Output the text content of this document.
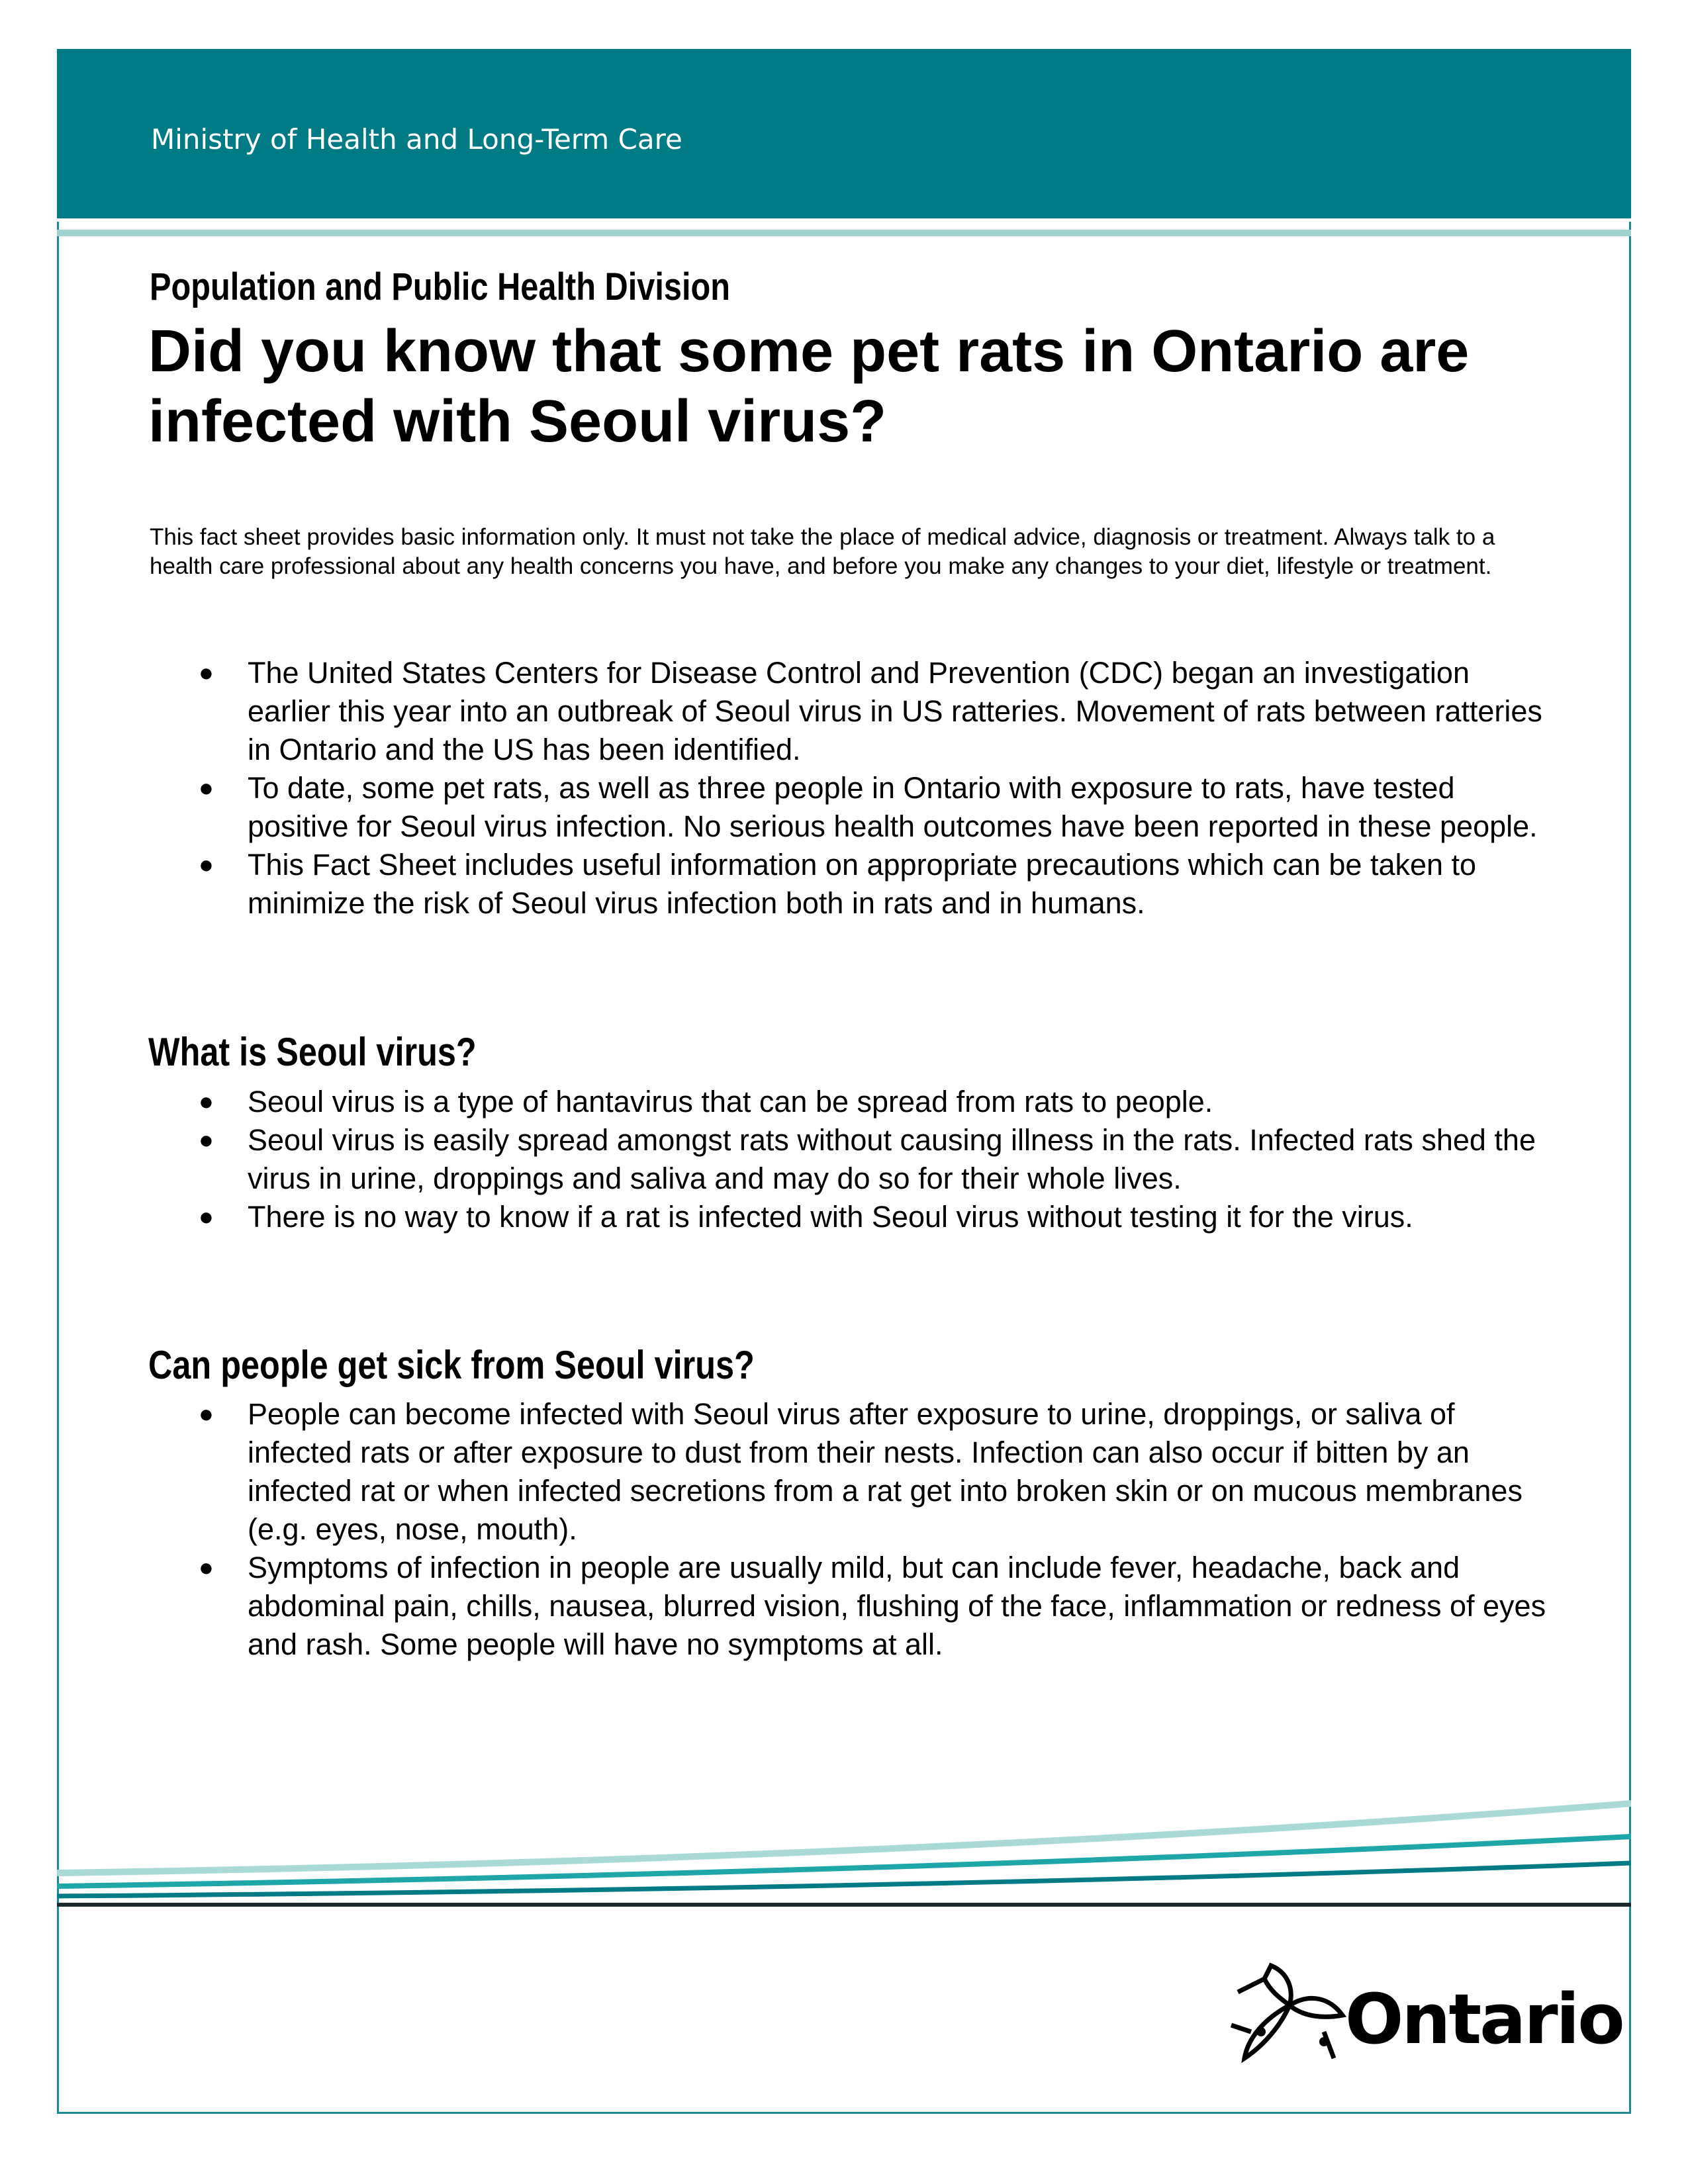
Ministry of Health and Long-Term Care
Population and Public Health Division
Did you know that some pet rats in Ontario are infected with Seoul virus?
This fact sheet provides basic information only. It must not take the place of medical advice, diagnosis or treatment. Always talk to a health care professional about any health concerns you have, and before you make any changes to your diet, lifestyle or treatment.
● The United States Centers for Disease Control and Prevention (CDC) began an investigation earlier this year into an outbreak of Seoul virus in US ratteries. Movement of rats between ratteries in Ontario and the US has been identified.
● To date, some pet rats, as well as three people in Ontario with exposure to rats, have tested positive for Seoul virus infection. No serious health outcomes have been reported in these people.
● This Fact Sheet includes useful information on appropriate precautions which can be taken to minimize the risk of Seoul virus infection both in rats and in humans.
What is Seoul virus?
● Seoul virus is a type of hantavirus that can be spread from rats to people.
● Seoul virus is easily spread amongst rats without causing illness in the rats. Infected rats shed the virus in urine, droppings and saliva and may do so for their whole lives.
● There is no way to know if a rat is infected with Seoul virus without testing it for the virus.
Can people get sick from Seoul virus?
● People can become infected with Seoul virus after exposure to urine, droppings, or saliva of infected rats or after exposure to dust from their nests. Infection can also occur if bitten by an infected rat or when infected secretions from a rat get into broken skin or on mucous membranes (e.g. eyes, nose, mouth).
● Symptoms of infection in people are usually mild, but can include fever, headache, back and abdominal pain, chills, nausea, blurred vision, flushing of the face, inflammation or redness of eyes and rash. Some people will have no symptoms at all.
Ontario
